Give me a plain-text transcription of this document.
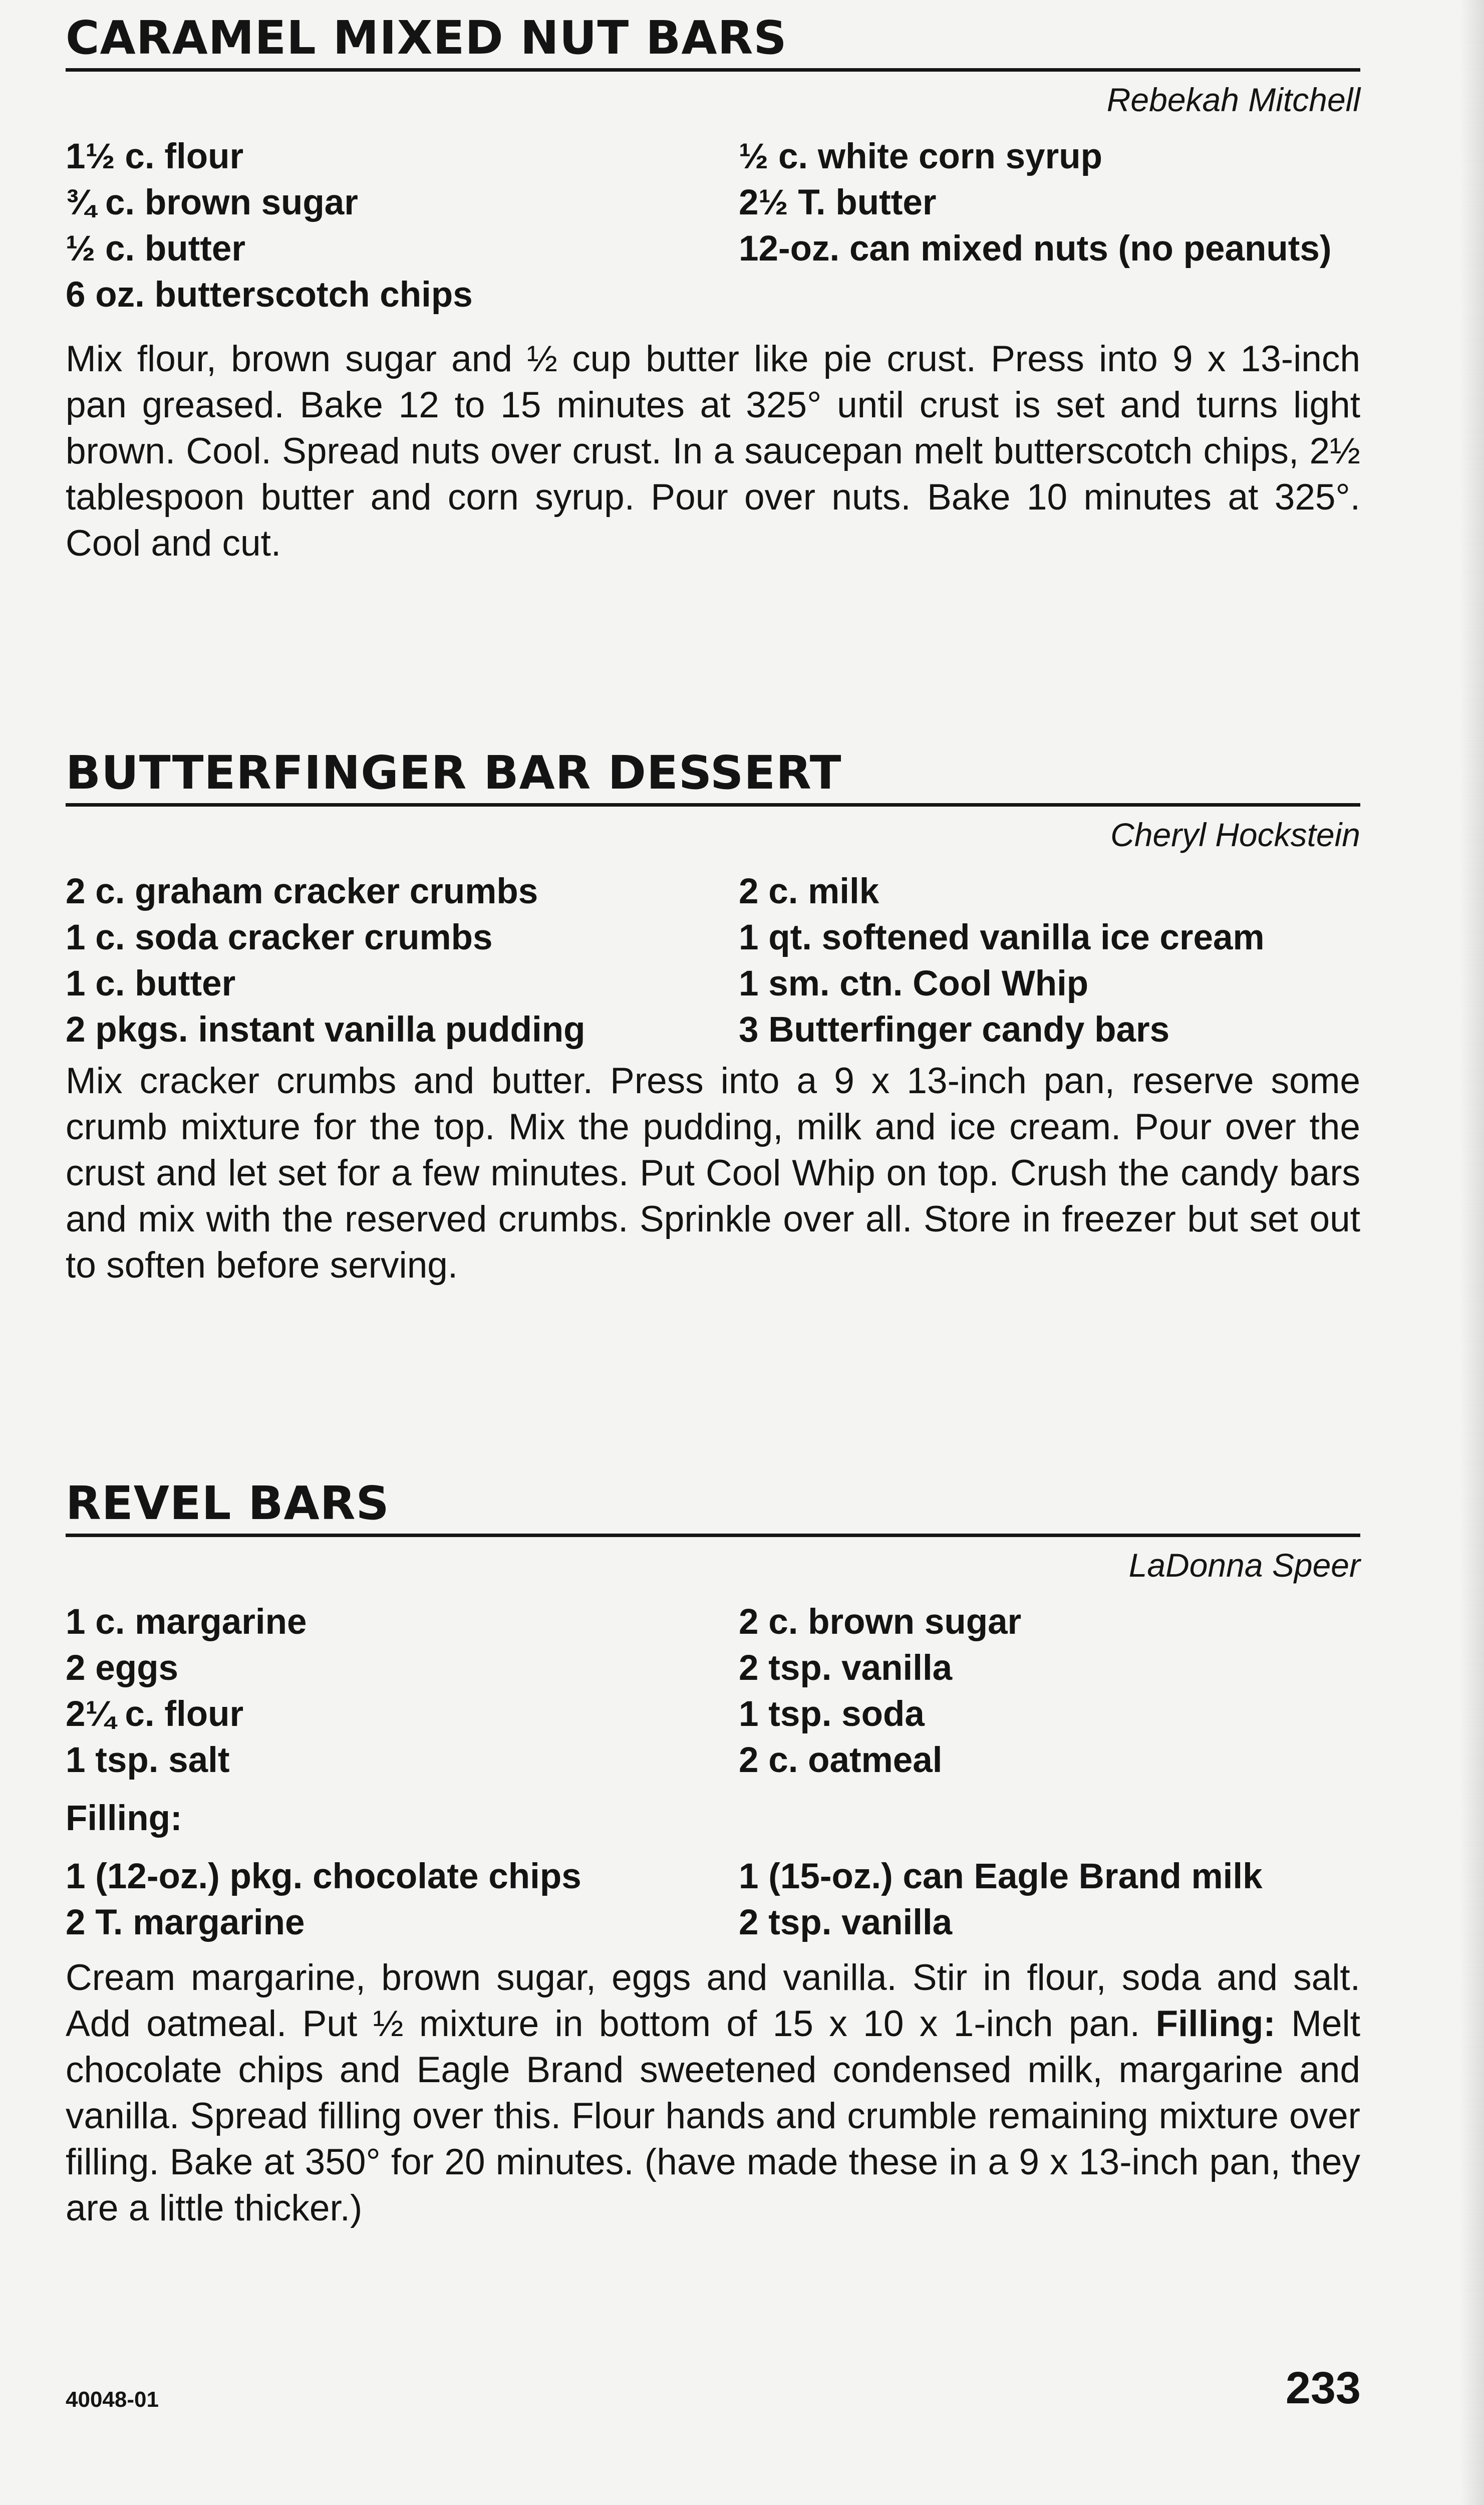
CARAMEL MIXED NUT BARS
Rebekah Mitchell
1½ c. flour
¾ c. brown sugar
½ c. butter
6 oz. butterscotch chips
½ c. white corn syrup
2½ T. butter
12-oz. can mixed nuts (no peanuts)

Mix flour, brown sugar and ½ cup butter like pie crust. Press into 9 x 13-inch pan greased. Bake 12 to 15 minutes at 325° until crust is set and turns light brown. Cool. Spread nuts over crust. In a saucepan melt butterscotch chips, 2½ tablespoon butter and corn syrup. Pour over nuts. Bake 10 minutes at 325°. Cool and cut.

BUTTERFINGER BAR DESSERT
Cheryl Hockstein
2 c. graham cracker crumbs
1 c. soda cracker crumbs
1 c. butter
2 pkgs. instant vanilla pudding
2 c. milk
1 qt. softened vanilla ice cream
1 sm. ctn. Cool Whip
3 Butterfinger candy bars

Mix cracker crumbs and butter. Press into a 9 x 13-inch pan, reserve some crumb mixture for the top. Mix the pudding, milk and ice cream. Pour over the crust and let set for a few minutes. Put Cool Whip on top. Crush the candy bars and mix with the reserved crumbs. Sprinkle over all. Store in freezer but set out to soften before serving.

REVEL BARS
LaDonna Speer
1 c. margarine
2 eggs
2¼ c. flour
1 tsp. salt
2 c. brown sugar
2 tsp. vanilla
1 tsp. soda
2 c. oatmeal
Filling:
1 (12-oz.) pkg. chocolate chips
2 T. margarine
1 (15-oz.) can Eagle Brand milk
2 tsp. vanilla

Cream margarine, brown sugar, eggs and vanilla. Stir in flour, soda and salt. Add oatmeal. Put ½ mixture in bottom of 15 x 10 x 1-inch pan. Filling: Melt chocolate chips and Eagle Brand sweetened condensed milk, margarine and vanilla. Spread filling over this. Flour hands and crumble remaining mixture over filling. Bake at 350° for 20 minutes. (have made these in a 9 x 13-inch pan, they are a little thicker.)

40048-01	233
